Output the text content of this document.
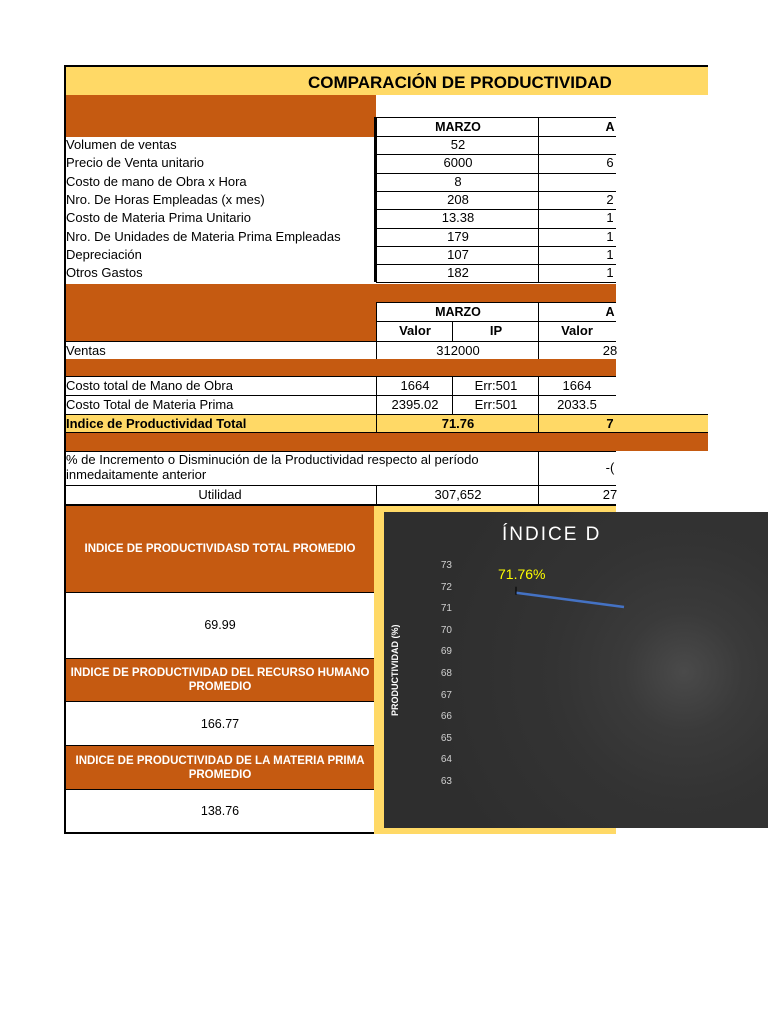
COMPARACIÓN DE PRODUCTIVIDAD
MARZO	A
Volumen de ventas	52
Precio de Venta unitario	6000	6
Costo de mano de Obra x Hora	8
Nro. De Horas Empleadas (x mes)	208	2
Costo de Materia Prima Unitario	13.38	1
Nro. De Unidades de Materia Prima Empleadas	179	1
Depreciación	107	1
Otros Gastos	182	1
MARZO	A
Valor	IP	Valor
Ventas	312000	28
Costo total de Mano de Obra	1664	Err:501	1664
Costo Total de Materia Prima	2395.02	Err:501	2033.5
Indice de Productividad Total	71.76	7
% de Incremento o Disminución de la Productividad respecto al período
inmedaitamente anterior	-(
Utilidad	307,652	27
INDICE DE PRODUCTIVIDASD TOTAL PROMEDIO
69.99
INDICE DE PRODUCTIVIDAD DEL RECURSO HUMANO PROMEDIO
166.77
INDICE DE PRODUCTIVIDAD DE LA MATERIA PRIMA PROMEDIO
138.76
ÍNDICE D
PRODUCTIVIDAD (%)
73
72
71
70
69
68
67
66
65
64
63
71.76%
